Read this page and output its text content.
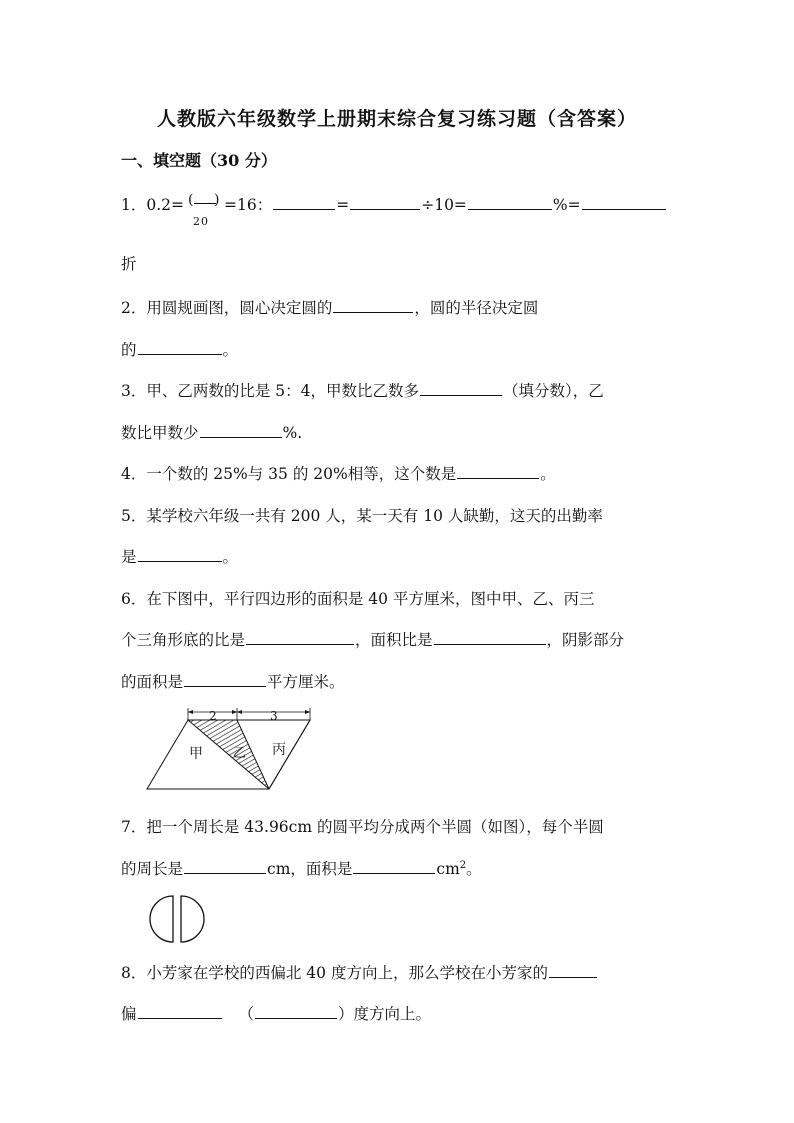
人教版六年级数学上册期末综合复习练习题（含答案）
一、填空题（30 分）
1．0.2= ( )
20
=16：	=	÷10=	%=
折
2．用圆规画图，圆心决定圆的	，圆的半径决定圆
的	。
3．甲、乙两数的比是 5：4，甲数比乙数多	（填分数），乙
数比甲数少	%.
4．一个数的 25%与 35 的 20%相等，这个数是	。
5．某学校六年级一共有 200 人，某一天有 10 人缺勤，这天的出勤率
是	。
6．在下图中，平行四边形的面积是 40 平方厘米，图中甲、乙、丙三
个三角形底的比是	，面积比是	，阴影部分
的面积是	平方厘米。
2	3
甲 乙 丙
7．把一个周长是 43.96cm 的圆平均分成两个半圆（如图），每个半圆
的周长是	cm，面积是	$cm^2$。
8．小芳家在学校的西偏北 40 度方向上，那么学校在小芳家的
偏	（	）度方向上。
